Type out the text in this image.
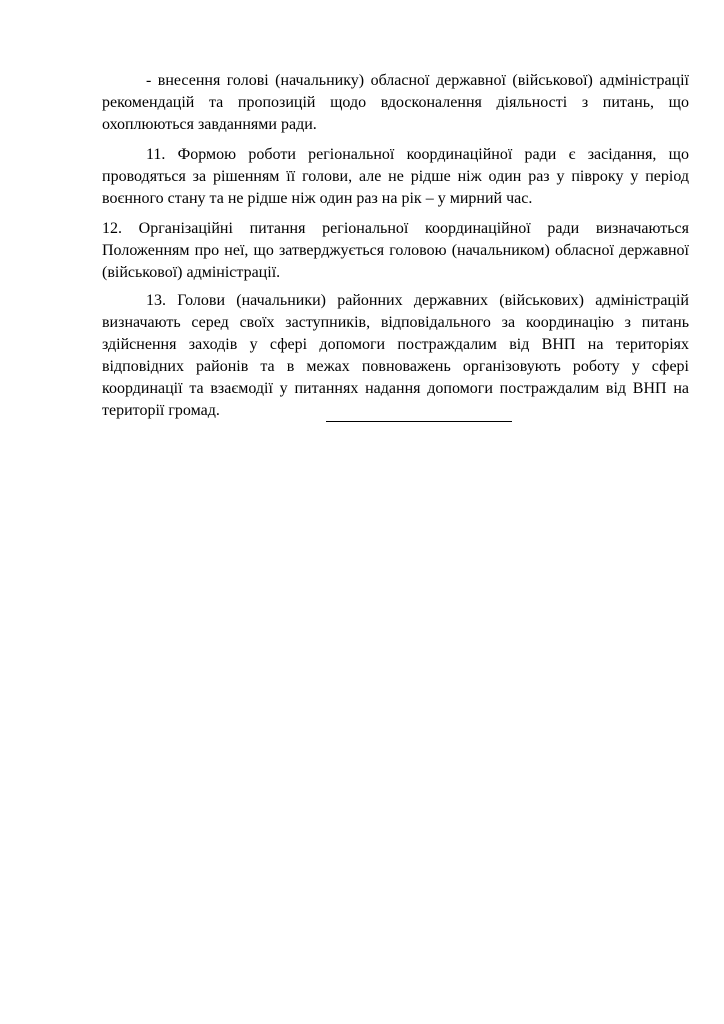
- внесення голові (начальнику) обласної державної (військової) адміністрації рекомендацій та пропозицій щодо вдосконалення діяльності з питань, що охоплюються завданнями ради.

11. Формою роботи регіональної координаційної ради є засідання, що проводяться за рішенням її голови, але не рідше ніж один раз у півроку у період воєнного стану та не рідше ніж один раз на рік – у мирний час.

12. Організаційні питання регіональної координаційної ради визначаються Положенням про неї, що затверджується головою (начальником) обласної державної (військової) адміністрації.

13. Голови (начальники) районних державних (військових) адміністрацій визначають серед своїх заступників, відповідального за координацію з питань здійснення заходів у сфері допомоги постраждалим від ВНП на територіях відповідних районів та в межах повноважень організовують роботу у сфері координації та взаємодії у питаннях надання допомоги постраждалим від ВНП на території громад.
